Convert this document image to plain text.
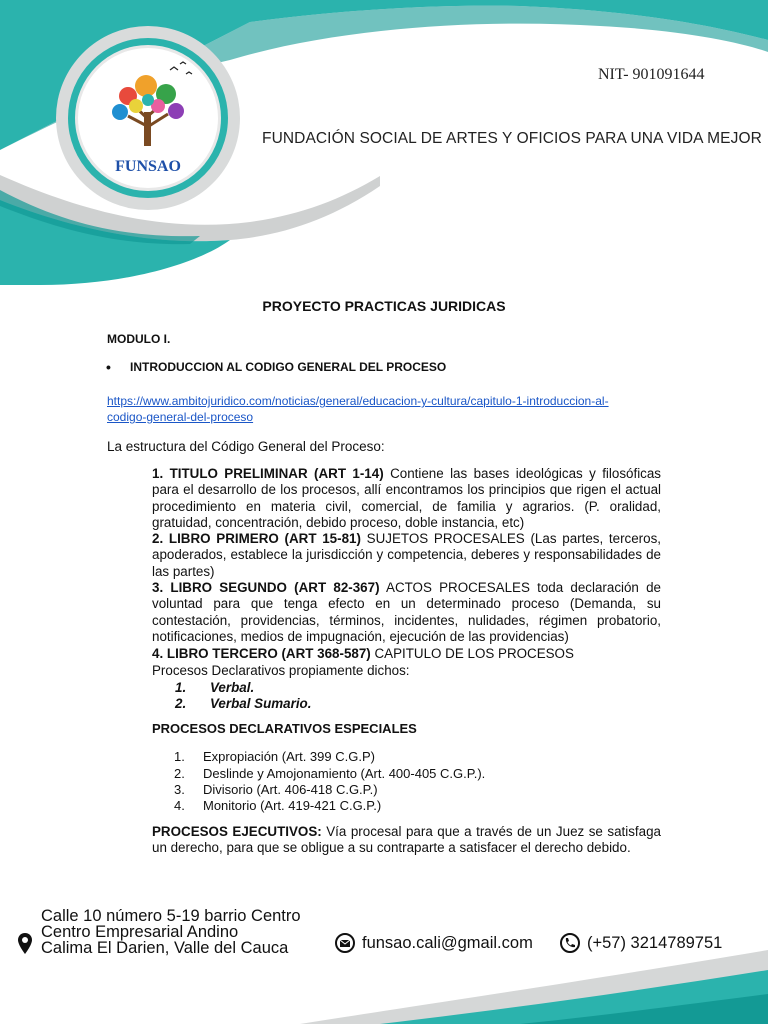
FUNSAO
NIT- 901091644
FUNDACIÓN SOCIAL DE ARTES Y OFICIOS PARA UNA VIDA MEJOR
PROYECTO PRACTICAS JURIDICAS
MODULO I.
• INTRODUCCION AL CODIGO GENERAL DEL PROCESO
https://www.ambitojuridico.com/noticias/general/educacion-y-cultura/capitulo-1-introduccion-al-
codigo-general-del-proceso
La estructura del Código General del Proceso:
1. TITULO PRELIMINAR (ART 1-14) Contiene las bases ideológicas y filosóficas para el desarrollo de los procesos, allí encontramos los principios que rigen el actual procedimiento en materia civil, comercial, de familia y agrarios. (P. oralidad, gratuidad, concentración, debido proceso, doble instancia, etc)
2. LIBRO PRIMERO (ART 15-81) SUJETOS PROCESALES (Las partes, terceros, apoderados, establece la jurisdicción y competencia, deberes y responsabilidades de las partes)
3. LIBRO SEGUNDO (ART 82-367) ACTOS PROCESALES toda declaración de voluntad para que tenga efecto en un determinado proceso (Demanda, su contestación, providencias, términos, incidentes, nulidades, régimen probatorio, notificaciones, medios de impugnación, ejecución de las providencias)
4. LIBRO TERCERO (ART 368-587) CAPITULO DE LOS PROCESOS
Procesos Declarativos propiamente dichos:
1. Verbal.
2. Verbal Sumario.
PROCESOS DECLARATIVOS ESPECIALES
1. Expropiación (Art. 399 C.G.P)
2. Deslinde y Amojonamiento (Art. 400-405 C.G.P.).
3. Divisorio (Art. 406-418 C.G.P.)
4. Monitorio (Art. 419-421 C.G.P.)
PROCESOS EJECUTIVOS: Vía procesal para que a través de un Juez se satisfaga un derecho, para que se obligue a su contraparte a satisfacer el derecho debido.
Calle 10 número 5-19 barrio Centro
Centro Empresarial Andino
Calima El Darien, Valle del Cauca	funsao.cali@gmail.com	(+57) 3214789751
